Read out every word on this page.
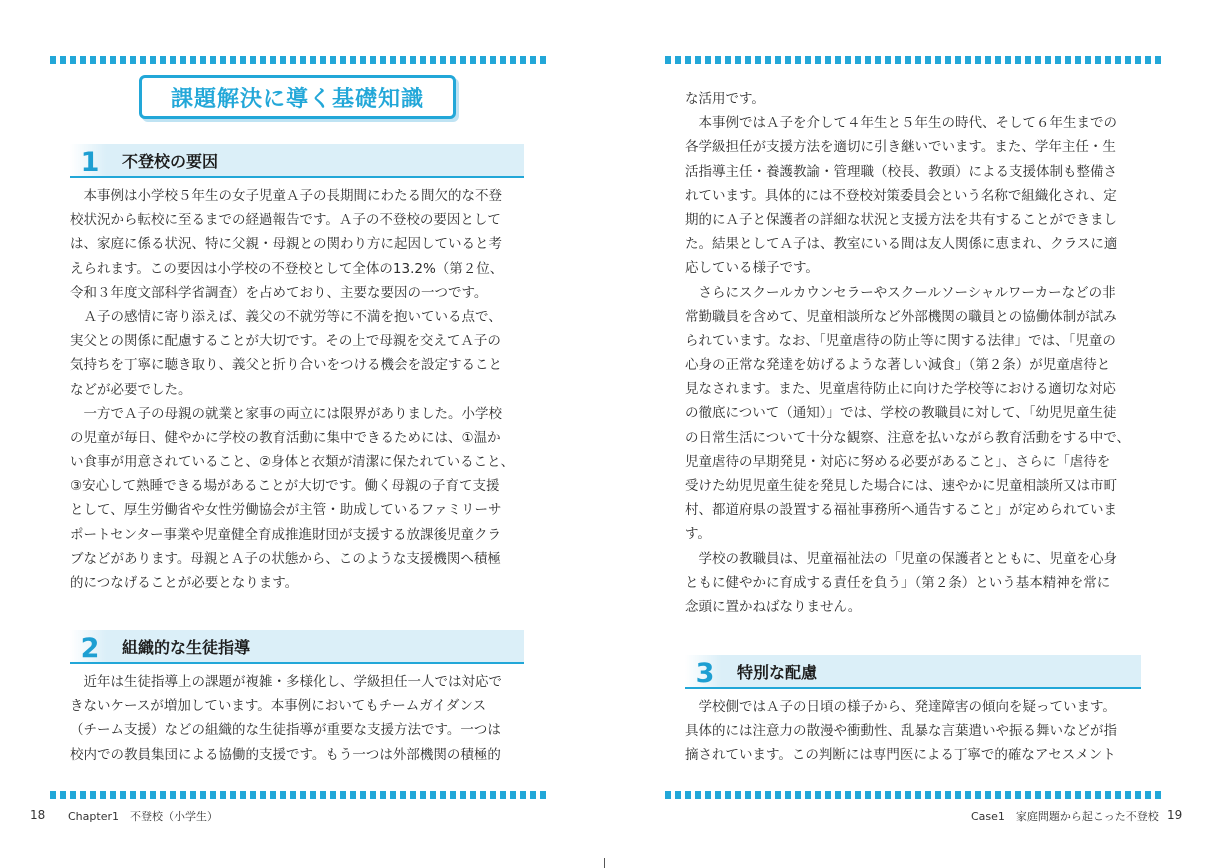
課題解決に導く基礎知識
1	不登校の要因

　本事例は小学校５年生の女子児童Ａ子の長期間にわたる間欠的な不登

校状況から転校に至るまでの経過報告です。Ａ子の不登校の要因として

は、家庭に係る状況、特に父親・母親との関わり方に起因していると考

えられます。この要因は小学校の不登校として全体の13.2%（第２位、

令和３年度文部科学省調査）を占めており、主要な要因の一つです。

　Ａ子の感情に寄り添えば、義父の不就労等に不満を抱いている点で、

実父との関係に配慮することが大切です。その上で母親を交えてＡ子の

気持ちを丁寧に聴き取り、義父と折り合いをつける機会を設定すること

などが必要でした。

　一方でＡ子の母親の就業と家事の両立には限界がありました。小学校

の児童が毎日、健やかに学校の教育活動に集中できるためには、①温か

い食事が用意されていること、②身体と衣類が清潔に保たれていること、

③安心して熟睡できる場があることが大切です。働く母親の子育て支援

として、厚生労働省や女性労働協会が主管・助成しているファミリーサ

ポートセンター事業や児童健全育成推進財団が支援する放課後児童クラ

ブなどがあります。母親とＡ子の状態から、このような支援機関へ積極

的につなげることが必要となります。

2	組織的な生徒指導

　近年は生徒指導上の課題が複雑・多様化し、学級担任一人では対応で

きないケースが増加しています。本事例においてもチームガイダンス

（チーム支援）などの組織的な生徒指導が重要な支援方法です。一つは

校内での教員集団による協働的支援です。もう一つは外部機関の積極的

18 Chapter1　不登校（小学生）

な活用です。

　本事例ではＡ子を介して４年生と５年生の時代、そして６年生までの

各学級担任が支援方法を適切に引き継いでいます。また、学年主任・生

活指導主任・養護教諭・管理職（校長、教頭）による支援体制も整備さ

れています。具体的には不登校対策委員会という名称で組織化され、定

期的にＡ子と保護者の詳細な状況と支援方法を共有することができまし

た。結果としてＡ子は、教室にいる間は友人関係に恵まれ、クラスに適

応している様子です。

　さらにスクールカウンセラーやスクールソーシャルワーカーなどの非

常勤職員を含めて、児童相談所など外部機関の職員との協働体制が試み

られています。なお、「児童虐待の防止等に関する法律」では、「児童の

心身の正常な発達を妨げるような著しい減食」（第２条）が児童虐待と

見なされます。また、児童虐待防止に向けた学校等における適切な対応

の徹底について（通知）」では、学校の教職員に対して、「幼児児童生徒

の日常生活について十分な観察、注意を払いながら教育活動をする中で、

児童虐待の早期発見・対応に努める必要があること」、さらに「虐待を

受けた幼児児童生徒を発見した場合には、速やかに児童相談所又は市町

村、都道府県の設置する福祉事務所へ通告すること」が定められていま

す。

　学校の教職員は、児童福祉法の「児童の保護者とともに、児童を心身

ともに健やかに育成する責任を負う」（第２条）という基本精神を常に

念頭に置かねばなりません。

3	特別な配慮

　学校側ではＡ子の日頃の様子から、発達障害の傾向を疑っています。

具体的には注意力の散漫や衝動性、乱暴な言葉遣いや振る舞いなどが指

摘されています。この判断には専門医による丁寧で的確なアセスメント

Case1　家庭問題から起こった不登校 19
